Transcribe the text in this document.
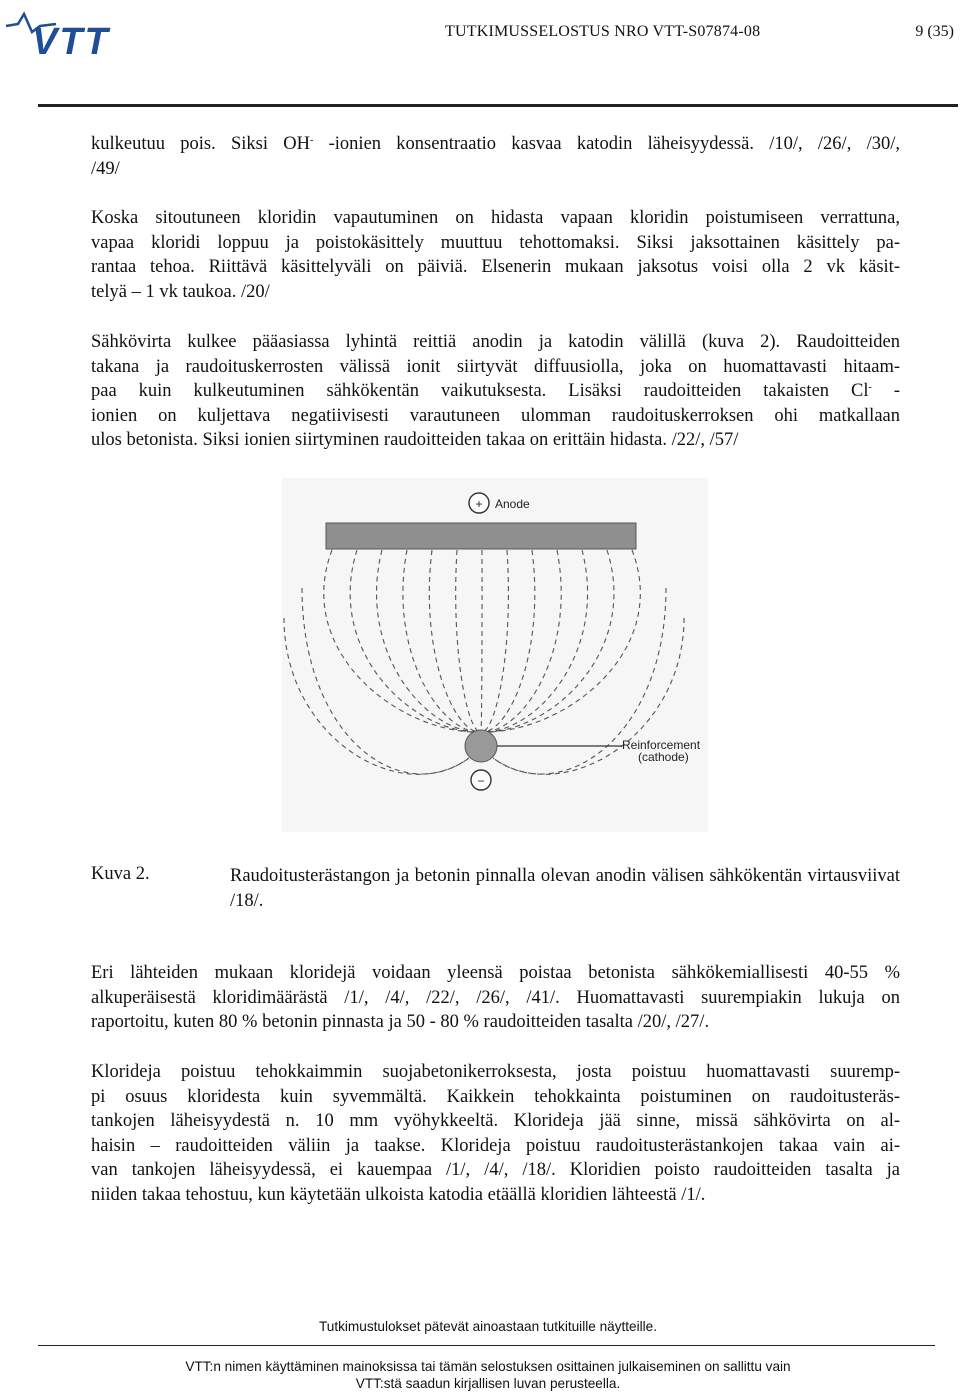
VTT	TUTKIMUSSELOSTUS NRO VTT-S07874-08	9 (35)

kulkeutuu pois. Siksi OH- -ionien konsentraatio kasvaa katodin läheisyydessä. /10/, /26/, /30/,
/49/

Koska sitoutuneen kloridin vapautuminen on hidasta vapaan kloridin poistumiseen verrattuna,
vapaa kloridi loppuu ja poistokäsittely muuttuu tehottomaksi. Siksi jaksottainen käsittely pa-
rantaa tehoa. Riittävä käsittelyväli on päiviä. Elsenerin mukaan jaksotus voisi olla 2 vk käsit-
telyä – 1 vk taukoa. /20/

Sähkövirta kulkee pääasiassa lyhintä reittiä anodin ja katodin välillä (kuva 2). Raudoitteiden
takana ja raudoituskerrosten välissä ionit siirtyvät diffuusiolla, joka on huomattavasti hitaam-
paa kuin kulkeutuminen sähkökentän vaikutuksesta. Lisäksi raudoitteiden takaisten Cl- -
ionien on kuljettava negatiivisesti varautuneen ulomman raudoituskerroksen ohi matkallaan
ulos betonista. Siksi ionien siirtyminen raudoitteiden takaa on erittäin hidasta. /22/, /57/

+ Anode
Reinforcement
(cathode)
−
Kuva 2.	Raudoitusterästangon ja betonin pinnalla olevan anodin välisen sähkökentän virtausviivat /18/.

Eri lähteiden mukaan kloridejä voidaan yleensä poistaa betonista sähkökemiallisesti 40-55 %
alkuperäisestä kloridimäärästä /1/, /4/, /22/, /26/, /41/. Huomattavasti suurempiakin lukuja on
raportoitu, kuten 80 % betonin pinnasta ja 50 - 80 % raudoitteiden tasalta /20/, /27/.

Klorideja poistuu tehokkaimmin suojabetonikerroksesta, josta poistuu huomattavasti suuremp-
pi osuus kloridesta kuin syvemmältä. Kaikkein tehokkainta poistuminen on raudoitusteräs-
tankojen läheisyydestä n. 10 mm vyöhykkeeltä. Klorideja jää sinne, missä sähkövirta on al-
haisin – raudoitteiden väliin ja taakse. Klorideja poistuu raudoitusterästankojen takaa vain ai-
van tankojen läheisyydessä, ei kauempaa /1/, /4/, /18/. Kloridien poisto raudoitteiden tasalta ja
niiden takaa tehostuu, kun käytetään ulkoista katodia etäällä kloridien lähteestä /1/.

Tutkimustulokset pätevät ainoastaan tutkituille näytteille.
VTT:n nimen käyttäminen mainoksissa tai tämän selostuksen osittainen julkaiseminen on sallittu vain
VTT:stä saadun kirjallisen luvan perusteella.
